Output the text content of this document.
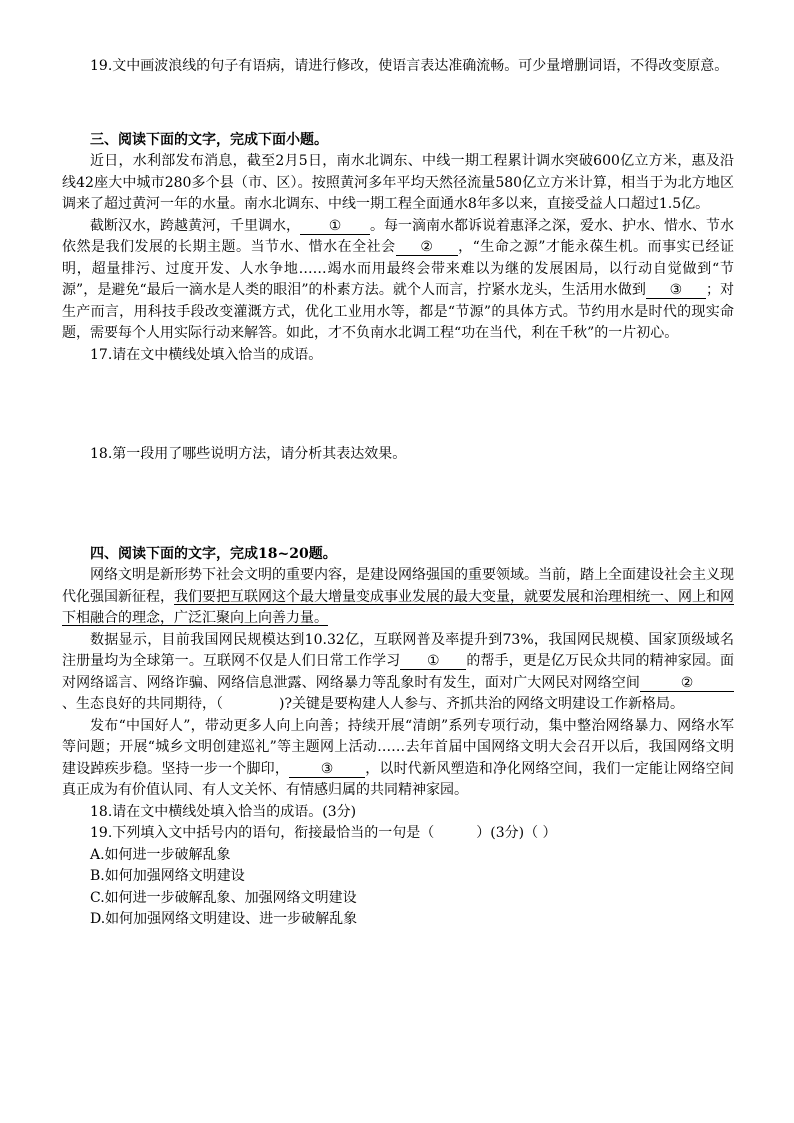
19.文中画波浪线的句子有语病，请进行修改，使语言表达准确流畅。可少量增删词语，不得改变原意。

三、阅读下面的文字，完成下面小题。

近日，水利部发布消息，截至2月5日，南水北调东、中线一期工程累计调水突破600亿立方米，惠及沿线42座大中城市280多个县（市、区）。按照黄河多年平均天然径流量580亿立方米计算，相当于为北方地区调来了超过黄河一年的水量。南水北调东、中线一期工程全面通水8年多以来，直接受益人口超过1.5亿。

截断汉水，跨越黄河，千里调水， ① 。每一滴南水都诉说着惠泽之深，爱水、护水、惜水、节水依然是我们发展的长期主题。当节水、惜水在全社会 ② ，“生命之源”才能永葆生机。而事实已经证明，超量排污、过度开发、人水争地……竭水而用最终会带来难以为继的发展困局，以行动自觉做到“节源”，是避免“最后一滴水是人类的眼泪”的朴素方法。就个人而言，拧紧水龙头，生活用水做到 ③ ；对生产而言，用科技手段改变灌溉方式，优化工业用水等，都是“节源”的具体方式。节约用水是时代的现实命题，需要每个人用实际行动来解答。如此，才不负南水北调工程“功在当代，利在千秋”的一片初心。

17.请在文中横线处填入恰当的成语。

18.第一段用了哪些说明方法，请分析其表达效果。

四、阅读下面的文字，完成18~20题。

网络文明是新形势下社会文明的重要内容，是建设网络强国的重要领域。当前，踏上全面建设社会主义现代化强国新征程，我们要把互联网这个最大增量变成事业发展的最大变量，就要发展和治理相统一、网上和网下相融合的理念，广泛汇聚向上向善力量。

数据显示，目前我国网民规模达到10.32亿，互联网普及率提升到73%，我国网民规模、国家顶级域名注册量均为全球第一。互联网不仅是人们日常工作学习 ① 的帮手，更是亿万民众共同的精神家园。面对网络谣言、网络诈骗、网络信息泄露、网络暴力等乱象时有发生，面对广大网民对网络空间	②、生态良好的共同期待，（　　　　)?关键是要构建人人参与、齐抓共治的网络文明建设工作新格局。

发布“中国好人”，带动更多人向上向善；持续开展“清朗”系列专项行动，集中整治网络暴力、网络水军等问题；开展“城乡文明创建巡礼”等主题网上活动……去年首届中国网络文明大会召开以后，我国网络文明建设踔疾步稳。坚持一步一个脚印， ③ ，以时代新风塑造和净化网络空间，我们一定能让网络空间真正成为有价值认同、有人文关怀、有情感归属的共同精神家园。

18.请在文中横线处填入恰当的成语。(3分)

19.下列填入文中括号内的语句，衔接最恰当的一句是（　　　）(3分)（ ）

A.如何进一步破解乱象

B.如何加强网络文明建设

C.如何进一步破解乱象、加强网络文明建设

D.如何加强网络文明建设、进一步破解乱象
